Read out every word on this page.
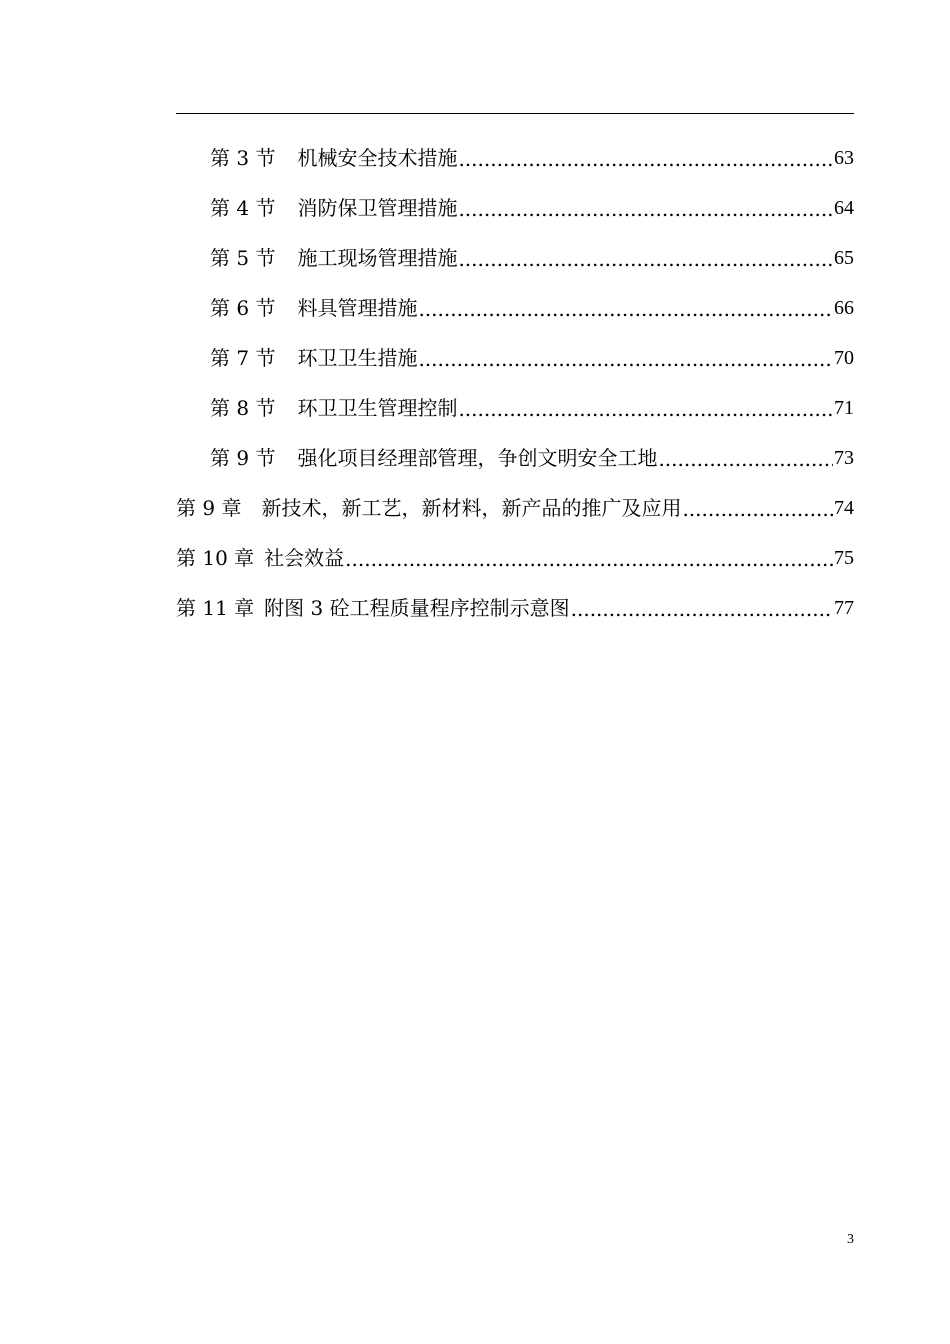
第 3 节 机械安全技术措施 .....	63
第 4 节 消防保卫管理措施 .....	64
第 5 节 施工现场管理措施 .....	65
第 6 节 料具管理措施 .....	66
第 7 节 环卫卫生措施 .....	70
第 8 节 环卫卫生管理控制 .....	71
第 9 节 强化项目经理部管理，争创文明安全工地 .....	73
第 9 章 新技术，新工艺，新材料，新产品的推广及应用 .....	74
第 10 章 社会效益 .....	75
第 11 章 附图 3 砼工程质量程序控制示意图 .....	77
3
